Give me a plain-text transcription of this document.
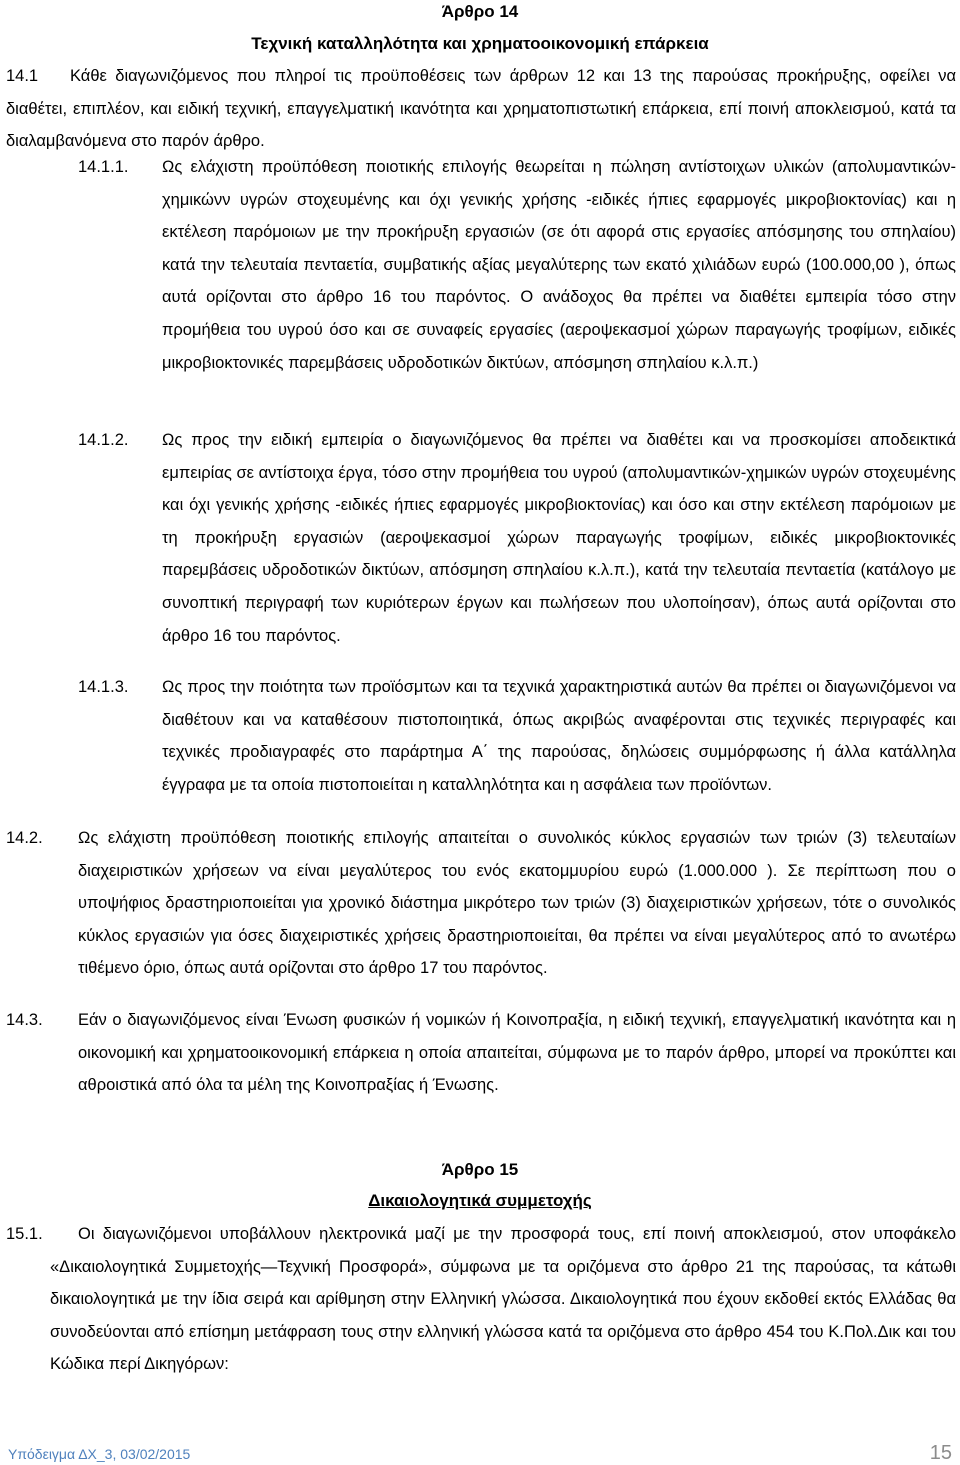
Άρθρο 14
Τεχνική καταλληλότητα και χρηματοοικονομική επάρκεια
14.1	Κάθε διαγωνιζόμενος που πληροί τις προϋποθέσεις των άρθρων 12 και 13 της παρούσας προκήρυξης, οφείλει να διαθέτει, επιπλέον, και ειδική τεχνική, επαγγελματική ικανότητα και χρηματοπιστωτική επάρκεια, επί ποινή αποκλεισμού, κατά τα διαλαμβανόμενα στο παρόν άρθρο.

14.1.1. Ως ελάχιστη προϋπόθεση ποιοτικής επιλογής θεωρείται η πώληση αντίστοιχων υλικών (απολυμαντικών-χημικώνν υγρών στοχευμένης και όχι γενικής χρήσης -ειδικές ήπιες εφαρμογές μικροβιοκτονίας) και η εκτέλεση παρόμοιων με την προκήρυξη εργασιών (σε ότι αφορά στις εργασίες απόσμησης του σπηλαίου) κατά την τελευταία πενταετία, συμβατικής αξίας μεγαλύτερης των εκατό χιλιάδων ευρώ (100.000,00 ), όπως αυτά ορίζονται στο άρθρο 16 του παρόντος. Ο ανάδοχος θα πρέπει να διαθέτει εμπειρία τόσο στην προμήθεια του υγρού όσο και σε συναφείς εργασίες (αεροψεκασμοί χώρων παραγωγής τροφίμων, ειδικές μικροβιοκτονικές παρεμβάσεις υδροδοτικών δικτύων, απόσμηση σπηλαίου κ.λ.π.)

14.1.2. Ως προς την ειδική εμπειρία ο διαγωνιζόμενος θα πρέπει να διαθέτει και να προσκομίσει αποδεικτικά εμπειρίας σε αντίστοιχα έργα, τόσο στην προμήθεια του υγρού (απολυμαντικών-χημικών υγρών στοχευμένης και όχι γενικής χρήσης -ειδικές ήπιες εφαρμογές μικροβιοκτονίας) και όσο και στην εκτέλεση παρόμοιων με τη προκήρυξη εργασιών (αεροψεκασμοί χώρων παραγωγής τροφίμων, ειδικές μικροβιοκτονικές παρεμβάσεις υδροδοτικών δικτύων, απόσμηση σπηλαίου κ.λ.π.), κατά την τελευταία πενταετία (κατάλογο με συνοπτική περιγραφή των κυριότερων έργων και πωλήσεων που υλοποίησαν), όπως αυτά ορίζονται στο άρθρο 16 του παρόντος.

14.1.3. Ως προς την ποιότητα των προϊόσμτων και τα τεχνικά χαρακτηριστικά αυτών θα πρέπει οι διαγωνιζόμενοι να διαθέτουν και να καταθέσουν πιστοποιητικά, όπως ακριβώς αναφέρονται στις τεχνικές περιγραφές και τεχνικές προδιαγραφές στο παράρτημα Α΄ της παρούσας, δηλώσεις συμμόρφωσης ή άλλα κατάλληλα έγγραφα με τα οποία πιστοποιείται η καταλληλότητα και η ασφάλεια των προϊόντων.

14.2. Ως ελάχιστη προϋπόθεση ποιοτικής επιλογής απαιτείται ο συνολικός κύκλος εργασιών των τριών (3) τελευταίων διαχειριστικών χρήσεων να είναι μεγαλύτερος του ενός εκατομμυρίου ευρώ (1.000.000 ). Σε περίπτωση που ο υποψήφιος δραστηριοποιείται για χρονικό διάστημα μικρότερο των τριών (3) διαχειριστικών χρήσεων, τότε ο συνολικός κύκλος εργασιών για όσες διαχειριστικές χρήσεις δραστηριοποιείται, θα πρέπει να είναι μεγαλύτερος από το ανωτέρω τιθέμενο όριο, όπως αυτά ορίζονται στο άρθρο 17 του παρόντος.

14.3. Εάν ο διαγωνιζόμενος είναι Ένωση φυσικών ή νομικών ή Κοινοπραξία, η ειδική τεχνική, επαγγελματική ικανότητα και η οικονομική και χρηματοοικονομική επάρκεια η οποία απαιτείται, σύμφωνα με το παρόν άρθρο, μπορεί να προκύπτει και αθροιστικά από όλα τα μέλη της Κοινοπραξίας ή Ένωσης.

Άρθρο 15
Δικαιολογητικά συμμετοχής
15.1.	Οι διαγωνιζόμενοι υποβάλλουν ηλεκτρονικά μαζί με την προσφορά τους, επί ποινή αποκλεισμού, στον υποφάκελο «Δικαιολογητικά Συμμετοχής—Τεχνική Προσφορά», σύμφωνα με τα οριζόμενα στο άρθρο 21 της παρούσας, τα κάτωθι δικαιολογητικά με την ίδια σειρά και αρίθμηση στην Ελληνική γλώσσα. Δικαιολογητικά που έχουν εκδοθεί εκτός Ελλάδας θα συνοδεύονται από επίσημη μετάφραση τους στην ελληνική γλώσσα κατά τα οριζόμενα στο άρθρο 454 του Κ.Πολ.Δικ και του Κώδικα περί Δικηγόρων:

Υπόδειγμα ΔΧ_3, 03/02/2015	15
